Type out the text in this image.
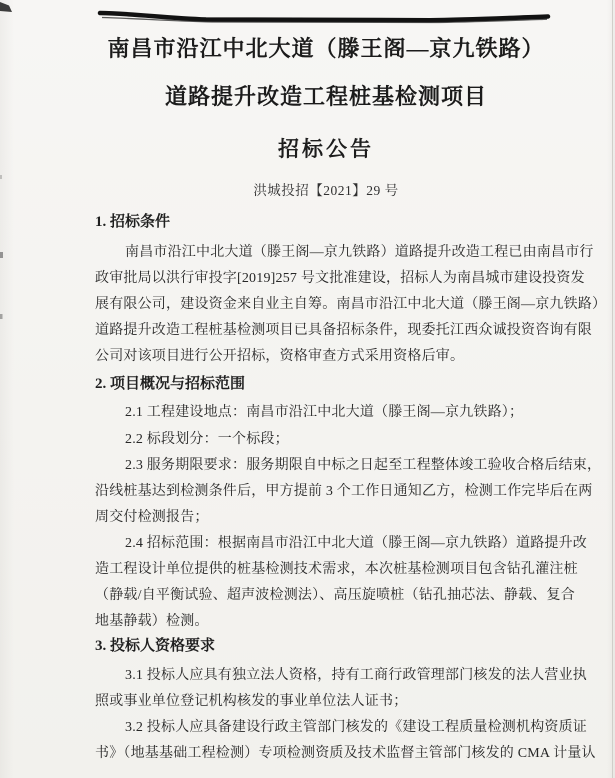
南昌市沿江中北大道（滕王阁—京九铁路）
道路提升改造工程桩基检测项目
招标公告
洪城投招【2021】29 号
1. 招标条件
南昌市沿江中北大道（滕王阁—京九铁路）道路提升改造工程已由南昌市行
政审批局以洪行审投字[2019]257 号文批准建设，招标人为南昌城市建设投资发
展有限公司，建设资金来自业主自筹。南昌市沿江中北大道（滕王阁—京九铁路）
道路提升改造工程桩基检测项目已具备招标条件，现委托江西众诚投资咨询有限
公司对该项目进行公开招标，资格审查方式采用资格后审。
2. 项目概况与招标范围
2.1 工程建设地点：南昌市沿江中北大道（滕王阁—京九铁路）；
2.2 标段划分：一个标段；
2.3 服务期限要求：服务期限自中标之日起至工程整体竣工验收合格后结束，
沿线桩基达到检测条件后，甲方提前 3 个工作日通知乙方，检测工作完毕后在两
周交付检测报告；
2.4 招标范围：根据南昌市沿江中北大道（滕王阁—京九铁路）道路提升改
造工程设计单位提供的桩基检测技术需求，本次桩基检测项目包含钻孔灌注桩
（静载/自平衡试验、超声波检测法）、高压旋喷桩（钻孔抽芯法、静载、复合
地基静载）检测。
3. 投标人资格要求
3.1 投标人应具有独立法人资格，持有工商行政管理部门核发的法人营业执
照或事业单位登记机构核发的事业单位法人证书；
3.2 投标人应具备建设行政主管部门核发的《建设工程质量检测机构资质证
书》（地基基础工程检测）专项检测资质及技术监督主管部门核发的 CMA 计量认
